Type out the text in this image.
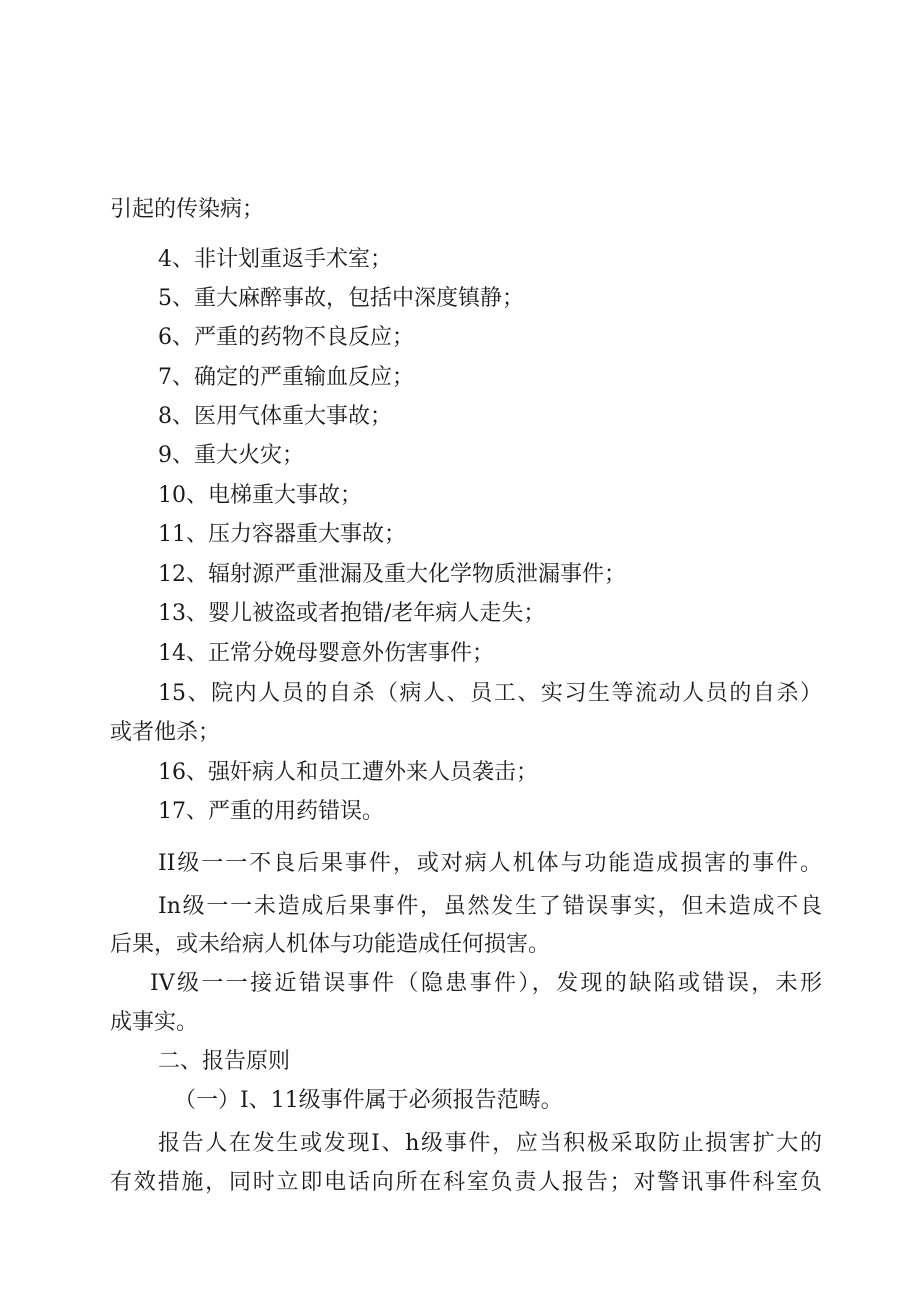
引起的传染病；
4、非计划重返手术室；
5、重大麻醉事故，包括中深度镇静；
6、严重的药物不良反应；
7、确定的严重输血反应；
8、医用气体重大事故；
9、重大火灾；
10、电梯重大事故；
11、压力容器重大事故；
12、辐射源严重泄漏及重大化学物质泄漏事件；
13、婴儿被盗或者抱错/老年病人走失；
14、正常分娩母婴意外伤害事件；
15、院内人员的自杀（病人、员工、实习生等流动人员的自杀）
或者他杀；
16、强奸病人和员工遭外来人员袭击；
17、严重的用药错误。
II级一一不良后果事件，或对病人机体与功能造成损害的事件。
In级一一未造成后果事件，虽然发生了错误事实，但未造成不良
后果，或未给病人机体与功能造成任何损害。
IV级一一接近错误事件（隐患事件），发现的缺陷或错误，未形
成事实。
二、报告原则
（一）I、11级事件属于必须报告范畴。
报告人在发生或发现I、h级事件，应当积极采取防止损害扩大的
有效措施，同时立即电话向所在科室负责人报告；对警讯事件科室负
